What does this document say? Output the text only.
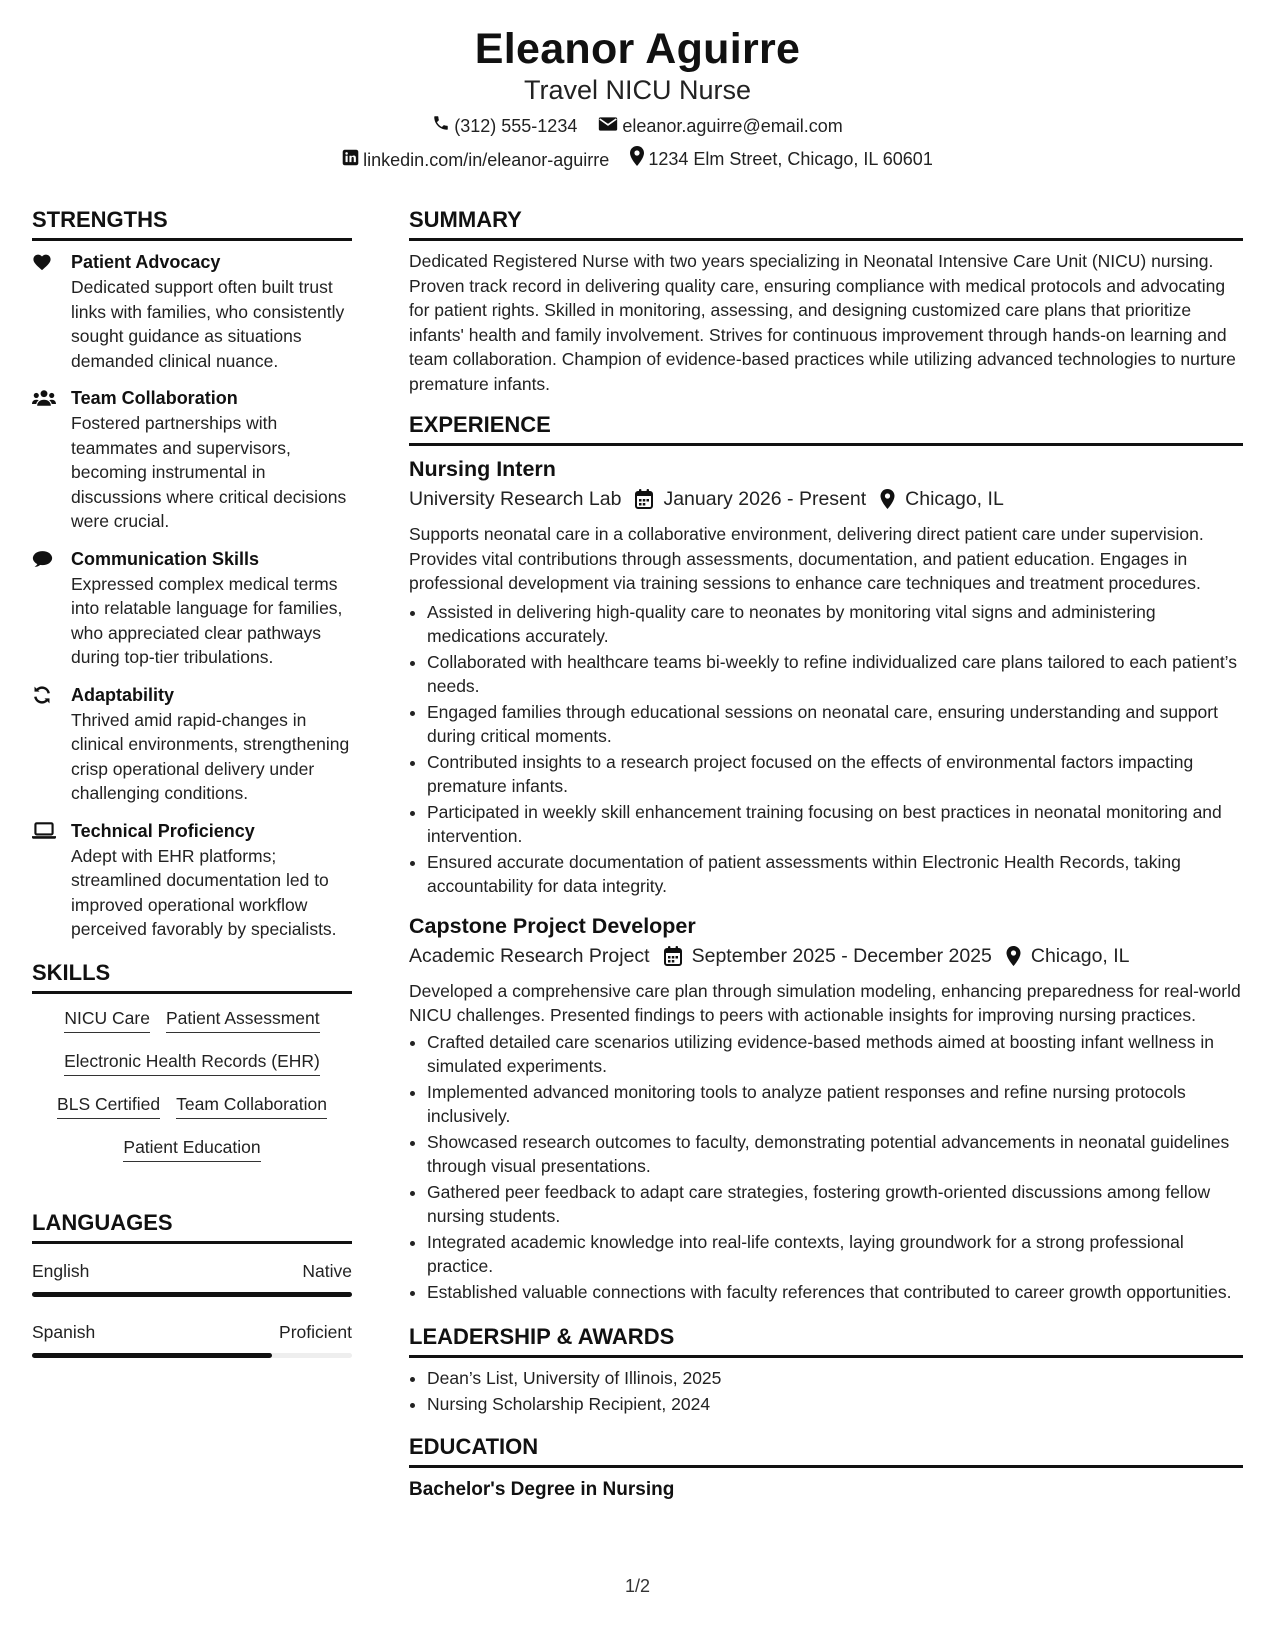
Eleanor Aguirre
Travel NICU Nurse
(312) 555-1234
	eleanor.aguirre@email.com
linkedin.com/in/eleanor-aguirre
1234 Elm Street, Chicago, IL 60601
STRENGTHS
Patient Advocacy
Dedicated support often built trust links with families, who consistently sought guidance as situations demanded clinical nuance.
Team Collaboration
Fostered partnerships with teammates and supervisors, becoming instrumental in discussions where critical decisions were crucial.
Communication Skills
Expressed complex medical terms into relatable language for families, who appreciated clear pathways during top-tier tribulations.
Adaptability
Thrived amid rapid-changes in clinical environments, strengthening crisp operational delivery under challenging conditions.
Technical Proficiency
Adept with EHR platforms; streamlined documentation led to improved operational workflow perceived favorably by specialists.
SKILLS
NICU Care Patient Assessment
Electronic Health Records (EHR)
BLS Certified Team Collaboration
Patient Education
LANGUAGES
English	Native
Spanish	Proficient
SUMMARY

Dedicated Registered Nurse with two years specializing in Neonatal Intensive Care Unit (NICU) nursing. Proven track record in delivering quality care, ensuring compliance with medical protocols and advocating for patient rights. Skilled in monitoring, assessing, and designing customized care plans that prioritize infants' health and family involvement. Strives for continuous improvement through hands-on learning and team collaboration. Champion of evidence-based practices while utilizing advanced technologies to nurture premature infants.

EXPERIENCE
Nursing Intern
University Research Lab January 2026 - Present Chicago, IL

Supports neonatal care in a collaborative environment, delivering direct patient care under supervision. Provides vital contributions through assessments, documentation, and patient education. Engages in professional development via training sessions to enhance care techniques and treatment procedures.

• Assisted in delivering high-quality care to neonates by monitoring vital signs and administering medications accurately.
• Collaborated with healthcare teams bi-weekly to refine individualized care plans tailored to each patient’s needs.
• Engaged families through educational sessions on neonatal care, ensuring understanding and support during critical moments.
• Contributed insights to a research project focused on the effects of environmental factors impacting premature infants.
• Participated in weekly skill enhancement training focusing on best practices in neonatal monitoring and intervention.
• Ensured accurate documentation of patient assessments within Electronic Health Records, taking accountability for data integrity.
Capstone Project Developer
Academic Research Project September 2025 - December 2025 Chicago, IL

Developed a comprehensive care plan through simulation modeling, enhancing preparedness for real-world NICU challenges. Presented findings to peers with actionable insights for improving nursing practices.

• Crafted detailed care scenarios utilizing evidence-based methods aimed at boosting infant wellness in simulated experiments.
• Implemented advanced monitoring tools to analyze patient responses and refine nursing protocols inclusively.
• Showcased research outcomes to faculty, demonstrating potential advancements in neonatal guidelines through visual presentations.
• Gathered peer feedback to adapt care strategies, fostering growth-oriented discussions among fellow nursing students.
• Integrated academic knowledge into real-life contexts, laying groundwork for a strong professional practice.
• Established valuable connections with faculty references that contributed to career growth opportunities.
LEADERSHIP & AWARDS
• Dean’s List, University of Illinois, 2025
• Nursing Scholarship Recipient, 2024
EDUCATION
Bachelor's Degree in Nursing
1/2
